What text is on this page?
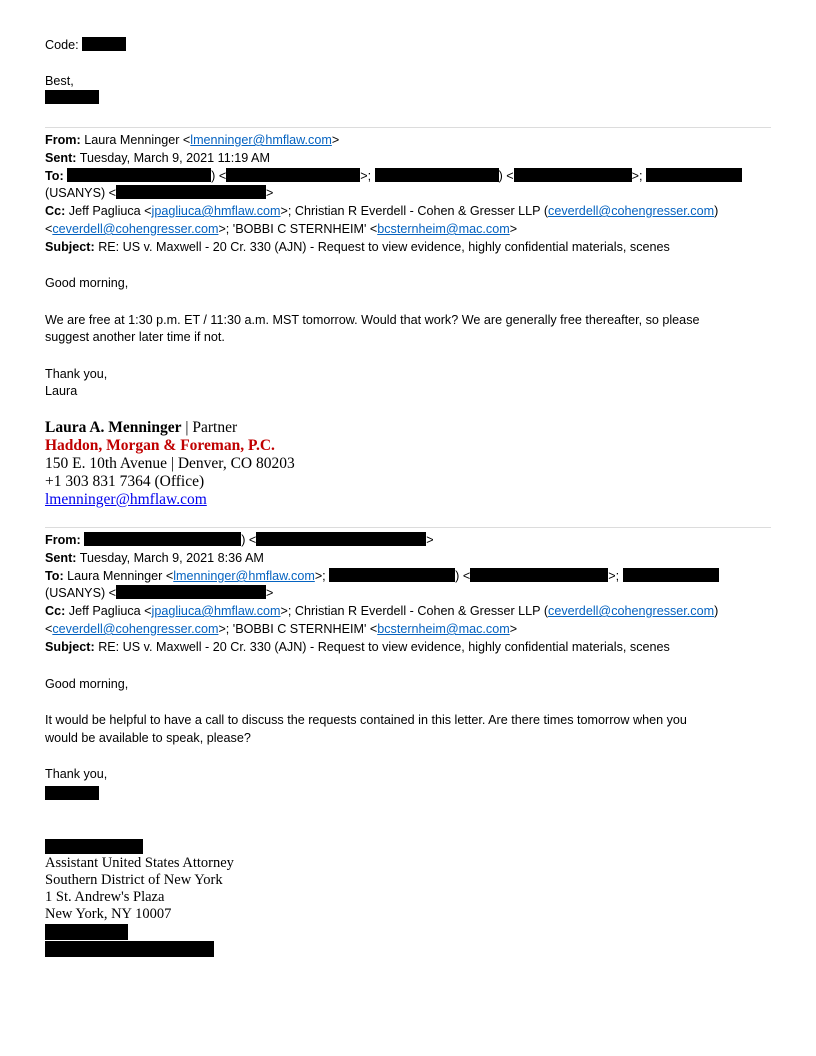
Code:
Best,
From: Laura Menninger <lmenninger@hmflaw.com>
Sent: Tuesday, March 9, 2021 11:19 AM
To:	) <	>;	) <	>;
(USANYS) <	>
Cc: Jeff Pagliuca <jpagliuca@hmflaw.com>; Christian R Everdell - Cohen & Gresser LLP (ceverdell@cohengresser.com)
<ceverdell@cohengresser.com>; 'BOBBI C STERNHEIM' <bcsternheim@mac.com>
Subject: RE: US v. Maxwell - 20 Cr. 330 (AJN) - Request to view evidence, highly confidential materials, scenes
Good morning,
We are free at 1:30 p.m. ET / 11:30 a.m. MST tomorrow. Would that work? We are generally free thereafter, so please
suggest another later time if not.
Thank you,
Laura
Laura A. Menninger | Partner
Haddon, Morgan & Foreman, P.C.
150 E. 10th Avenue | Denver, CO 80203
+1 303 831 7364 (Office)
lmenninger@hmflaw.com
From:	) <	>
Sent: Tuesday, March 9, 2021 8:36 AM
To: Laura Menninger <lmenninger@hmflaw.com>;	) <	>;
(USANYS) <	>
Cc: Jeff Pagliuca <jpagliuca@hmflaw.com>; Christian R Everdell - Cohen & Gresser LLP (ceverdell@cohengresser.com)
<ceverdell@cohengresser.com>; 'BOBBI C STERNHEIM' <bcsternheim@mac.com>
Subject: RE: US v. Maxwell - 20 Cr. 330 (AJN) - Request to view evidence, highly confidential materials, scenes
Good morning,
It would be helpful to have a call to discuss the requests contained in this letter. Are there times tomorrow when you
would be available to speak, please?
Thank you,
Assistant United States Attorney
Southern District of New York
1 St. Andrew's Plaza
New York, NY 10007
